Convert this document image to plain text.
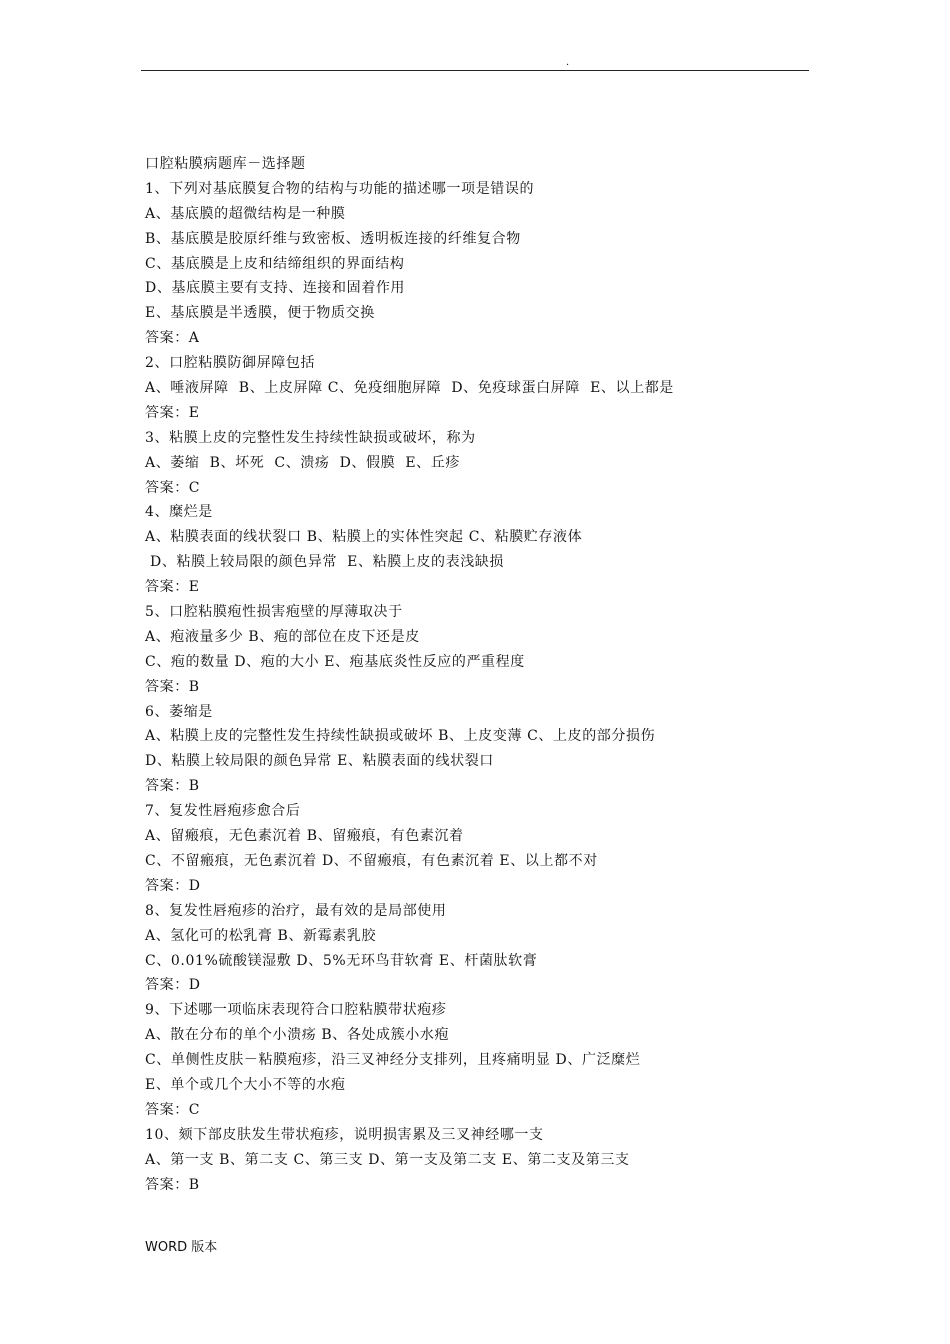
.
口腔粘膜病题库－选择题
1、下列对基底膜复合物的结构与功能的描述哪一项是错误的
A、基底膜的超微结构是一种膜
B、基底膜是胶原纤维与致密板、透明板连接的纤维复合物
C、基底膜是上皮和结缔组织的界面结构
D、基底膜主要有支持、连接和固着作用
E、基底膜是半透膜，便于物质交换
答案：A
2、口腔粘膜防御屏障包括
A、唾液屏障  B、上皮屏障 C、免疫细胞屏障  D、免疫球蛋白屏障  E、以上都是
答案：E
3、粘膜上皮的完整性发生持续性缺损或破坏，称为
A、萎缩  B、坏死  C、溃疡  D、假膜  E、丘疹
答案：C
4、糜烂是
A、粘膜表面的线状裂口 B、粘膜上的实体性突起 C、粘膜贮存液体
D、粘膜上较局限的颜色异常  E、粘膜上皮的表浅缺损
答案：E
5、口腔粘膜疱性损害疱壁的厚薄取决于
A、疱液量多少 B、疱的部位在皮下还是皮
C、疱的数量 D、疱的大小 E、疱基底炎性反应的严重程度
答案：B
6、萎缩是
A、粘膜上皮的完整性发生持续性缺损或破坏 B、上皮变薄 C、上皮的部分损伤
D、粘膜上较局限的颜色异常 E、粘膜表面的线状裂口
答案：B
7、复发性唇疱疹愈合后
A、留瘢痕，无色素沉着 B、留瘢痕，有色素沉着
C、不留瘢痕，无色素沉着 D、不留瘢痕，有色素沉着 E、以上都不对
答案：D
8、复发性唇疱疹的治疗，最有效的是局部使用
A、氢化可的松乳膏 B、新霉素乳胶
C、0.01%硫酸镁湿敷 D、5%无环鸟苷软膏 E、杆菌肽软膏
答案：D
9、下述哪一项临床表现符合口腔粘膜带状疱疹
A、散在分布的单个小溃疡 B、各处成簇小水疱
C、单侧性皮肤－粘膜疱疹，沿三叉神经分支排列，且疼痛明显 D、广泛糜烂
E、单个或几个大小不等的水疱
答案：C
10、颏下部皮肤发生带状疱疹，说明损害累及三叉神经哪一支
A、第一支 B、第二支 C、第三支 D、第一支及第二支 E、第二支及第三支
答案：B
WORD 版本
